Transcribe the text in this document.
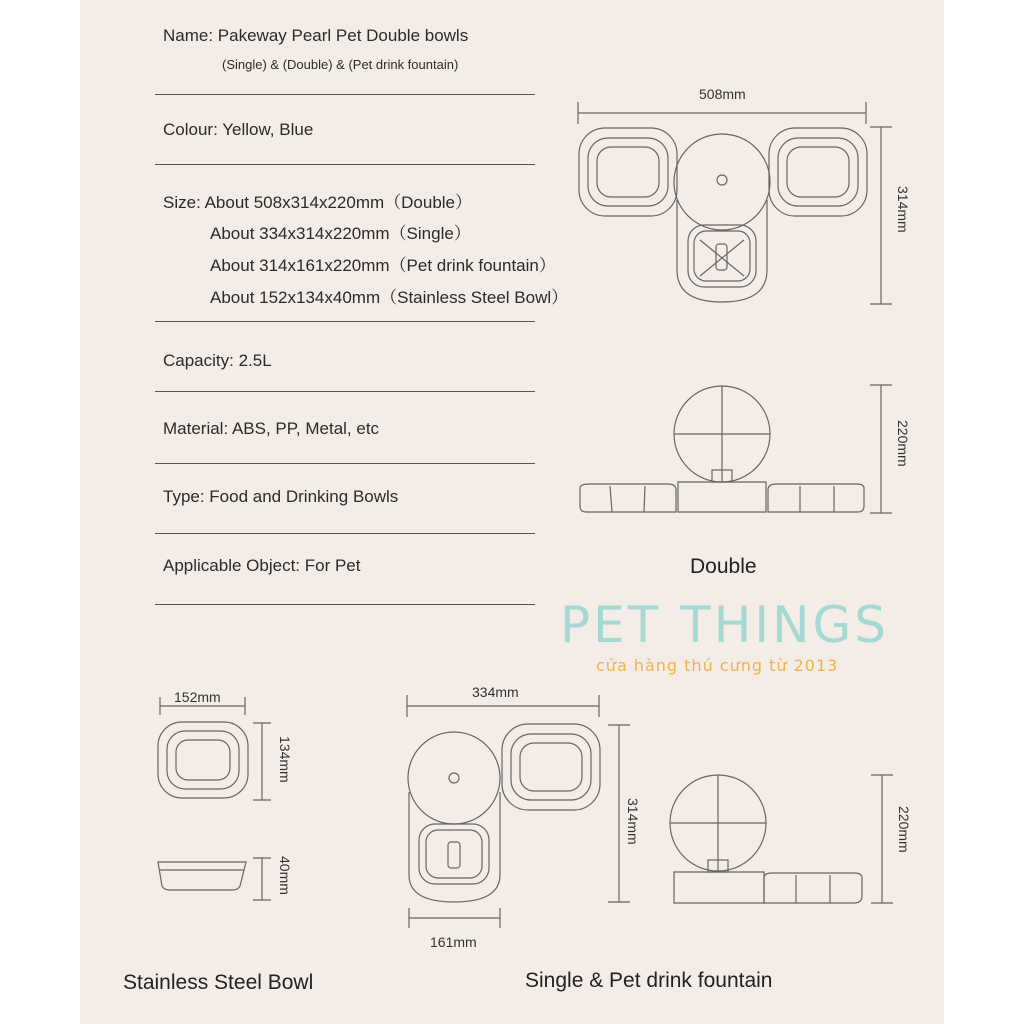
Name: Pakeway Pearl Pet Double bowls
(Single) & (Double) & (Pet drink fountain)
Colour: Yellow, Blue
Size: About 508x314x220mm（Double）
About 334x314x220mm（Single）
About 314x161x220mm（Pet drink fountain）
About 152x134x40mm（Stainless Steel Bowl）
Capacity: 2.5L
Material: ABS, PP, Metal, etc
Type: Food and Drinking Bowls
Applicable Object: For Pet
508mm
314mm
220mm
Double
PET THINGS
cửa hàng thú cưng từ 2013
152mm
134mm
40mm
Stainless Steel Bowl
334mm
314mm
161mm
220mm
Single & Pet drink fountain
